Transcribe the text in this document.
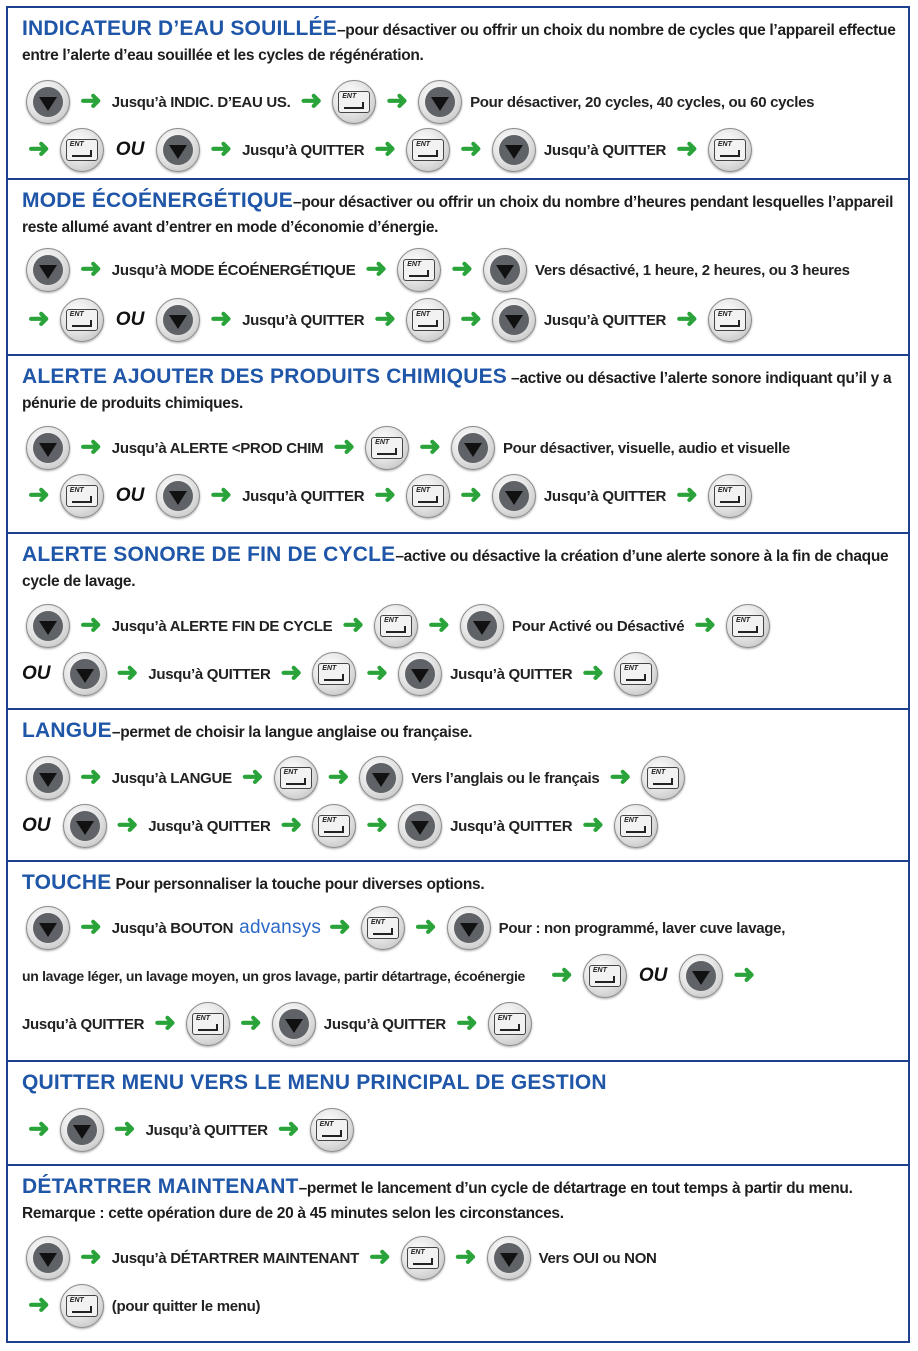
INDICATEUR D’EAU SOUILLÉE–pour désactiver ou offrir un choix du nombre de cycles que l’appareil effectue entre l’alerte d’eau souillée et les cycles de régénération.
➜ Jusqu’à INDIC. D’EAU US. ➜	ENT ➜	Pour désactiver, 20 cycles, 40 cycles, ou 60 cycles
➜	ENT OU	➜ Jusqu’à QUITTER ➜	ENT ➜	Jusqu’à QUITTER ➜	ENT
MODE ÉCOÉNERGÉTIQUE–pour désactiver ou offrir un choix du nombre d’heures pendant lesquelles l’appareil reste allumé avant d’entrer en mode d’économie d’énergie.
➜ Jusqu’à MODE ÉCOÉNERGÉTIQUE ➜	ENT ➜	Vers désactivé, 1 heure, 2 heures, ou 3 heures
➜	ENT OU	➜ Jusqu’à QUITTER ➜	ENT ➜	Jusqu’à QUITTER ➜	ENT
ALERTE AJOUTER DES PRODUITS CHIMIQUES –active ou désactive l’alerte sonore indiquant qu’il y a pénurie de produits chimiques.
➜ Jusqu’à ALERTE <PROD CHIM ➜	ENT ➜	Pour désactiver, visuelle, audio et visuelle
➜	ENT OU	➜ Jusqu’à QUITTER ➜	ENT ➜	Jusqu’à QUITTER ➜	ENT
ALERTE SONORE DE FIN DE CYCLE–active ou désactive la création d’une alerte sonore à la fin de chaque cycle de lavage.
➜ Jusqu’à ALERTE FIN DE CYCLE ➜	ENT ➜	Pour Activé ou Désactivé ➜	ENT
OU	➜ Jusqu’à QUITTER ➜	ENT ➜	Jusqu’à QUITTER ➜	ENT
LANGUE–permet de choisir la langue anglaise ou française.
➜ Jusqu’à LANGUE ➜	ENT ➜	Vers l’anglais ou le français ➜	ENT
OU	➜ Jusqu’à QUITTER ➜	ENT ➜	Jusqu’à QUITTER ➜	ENT
TOUCHE Pour personnaliser la touche pour diverses options.
➜ Jusqu’à BOUTON advansys ➜	ENT ➜	Pour : non programmé, laver cuve lavage,
un lavage léger, un lavage moyen, un gros lavage, partir détartrage, écoénergie ➜	ENT OU	➜
Jusqu’à QUITTER ➜	ENT ➜	Jusqu’à QUITTER ➜	ENT
QUITTER MENU VERS LE MENU PRINCIPAL DE GESTION
➜ ➜ Jusqu’à QUITTER ➜	ENT
DÉTARTRER MAINTENANT–permet le lancement d’un cycle de détartrage en tout temps à partir du menu. Remarque : cette opération dure de 20 à 45 minutes selon les circonstances.
➜ Jusqu’à DÉTARTRER MAINTENANT ➜	ENT ➜	Vers OUI ou NON
➜	ENT (pour quitter le menu)
